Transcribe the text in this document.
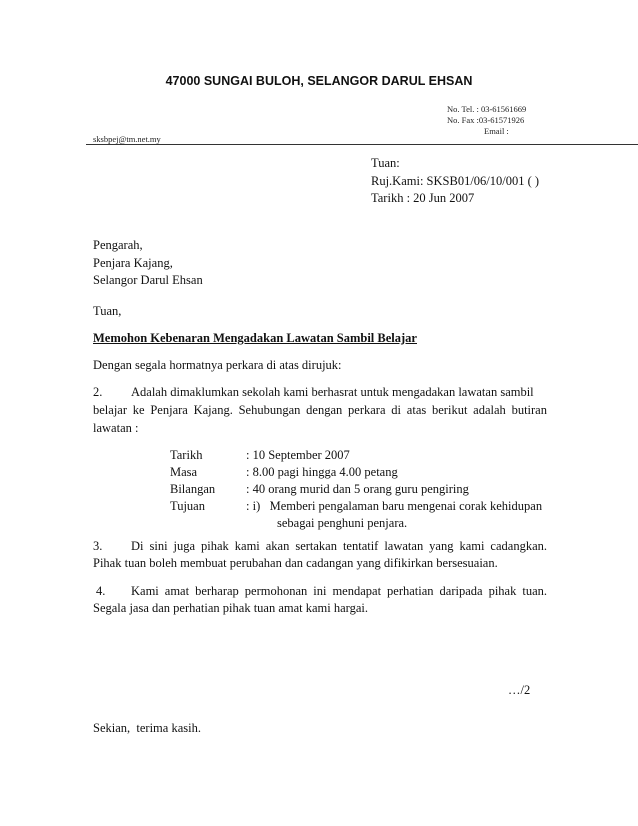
47000 SUNGAI BULOH, SELANGOR DARUL EHSAN
No. Tel. : 03-61561669
No. Fax :03-61571926
Email :
sksbpej@tm.net.my
Tuan:
Ruj.Kami: SKSB01/06/10/001 ( )
Tarikh : 20 Jun 2007
Pengarah,
Penjara Kajang,
Selangor Darul Ehsan
Tuan,
Memohon Kebenaran Mengadakan Lawatan Sambil Belajar
Dengan segala hormatnya perkara di atas dirujuk:
2. Adalah dimaklumkan sekolah kami berhasrat untuk mengadakan lawatan sambil
belajar ke Penjara Kajang. Sehubungan dengan perkara di atas berikut adalah butiran
lawatan :
Tarikh	: 10 September 2007
Masa	: 8.00 pagi hingga 4.00 petang
Bilangan : 40 orang murid dan 5 orang guru pengiring
Tujuan	: i)   Memberi pengalaman baru mengenai corak kehidupan
sebagai penghuni penjara.
3. Di sini juga pihak kami akan sertakan tentatif lawatan yang kami cadangkan.
Pihak tuan boleh membuat perubahan dan cadangan yang difikirkan bersesuaian.
4. Kami amat berharap permohonan ini mendapat perhatian daripada pihak tuan.
Segala jasa dan perhatian pihak tuan amat kami hargai.
…/2
Sekian,  terima kasih.
